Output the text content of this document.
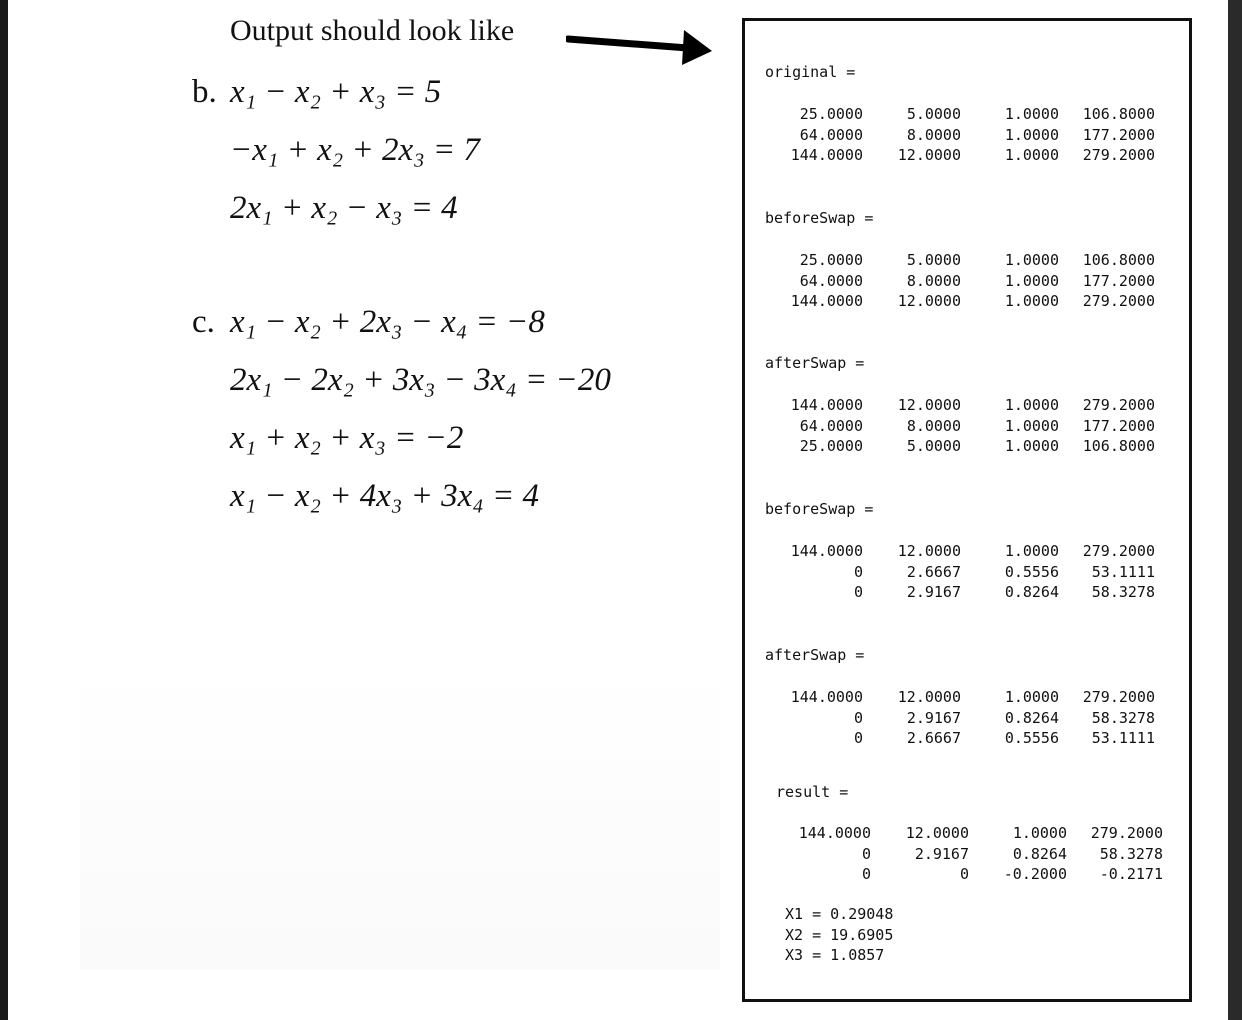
Output should look like
b. x₁ − x₂ + x₃ = 5
−x₁ + x₂ + 2x₃ = 7
2x₁ + x₂ − x₃ = 4
c. x₁ − x₂ + 2x₃ − x₄ = −8
2x₁ − 2x₂ + 3x₃ − 3x₄ = −20
x₁ + x₂ + x₃ = −2
x₁ − x₂ + 4x₃ + 3x₄ = 4
original =
25.0000	5.0000	1.0000	106.8000
64.0000	8.0000	1.0000	177.2000
144.0000	12.0000	1.0000	279.2000
beforeSwap =
25.0000	5.0000	1.0000	106.8000
64.0000	8.0000	1.0000	177.2000
144.0000	12.0000	1.0000	279.2000
afterSwap =
144.0000	12.0000	1.0000	279.2000
64.0000	8.0000	1.0000	177.2000
25.0000	5.0000	1.0000	106.8000
beforeSwap =
144.0000	12.0000	1.0000	279.2000
0	2.6667	0.5556	53.1111
0	2.9167	0.8264	58.3278
afterSwap =
144.0000	12.0000	1.0000	279.2000
0	2.9167	0.8264	58.3278
0	2.6667	0.5556	53.1111
result =
144.0000	12.0000	1.0000	279.2000
0	2.9167	0.8264	58.3278
0	0	-0.2000	-0.2171
X1 = 0.29048
X2 = 19.6905
X3 = 1.0857
